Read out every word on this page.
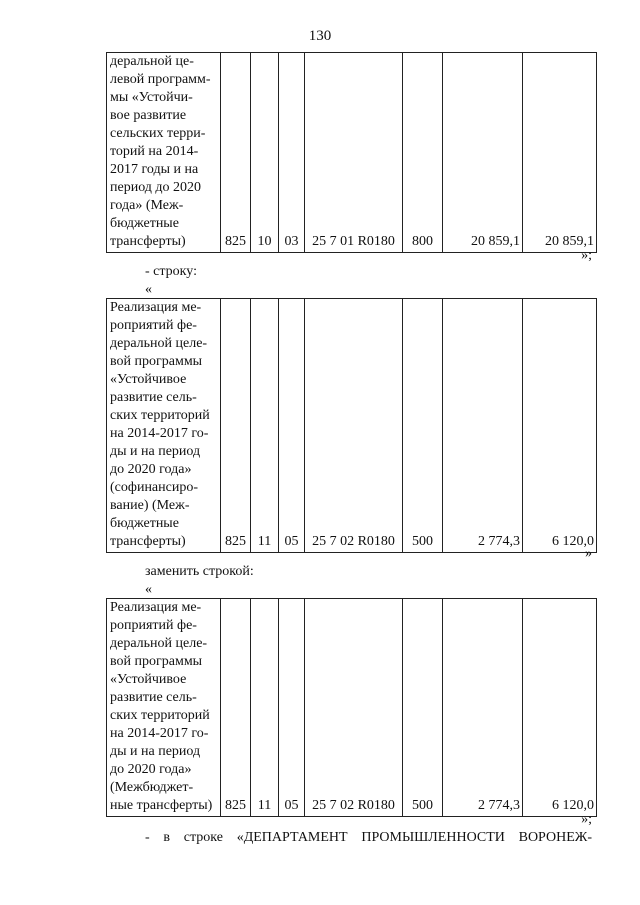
130
деральной це-
левой программ-
мы «Устойчи-
вое развитие
сельских терри-
торий на 2014-
2017 годы и на
период до 2020
года» (Меж-
бюджетные
трансферты)	825	10	03	25 7 01 R0180	800	20 859,1	20 859,1
»;
- строку:
«
Реализация ме-
роприятий фе-
деральной целе-
вой программы
«Устойчивое
развитие сель-
ских территорий
на 2014-2017 го-
ды и на период
до 2020 года»
(софинансиро-
вание) (Меж-
бюджетные
трансферты)	825	11	05	25 7 02 R0180	500	2 774,3	6 120,0
»
заменить строкой:
«
Реализация ме-
роприятий фе-
деральной целе-
вой программы
«Устойчивое
развитие сель-
ских территорий
на 2014-2017 го-
ды и на период
до 2020 года»
(Межбюджет-
ные трансферты)	825	11	05	25 7 02 R0180	500	2 774,3	6 120,0
»;
- в строке «ДЕПАРТАМЕНТ ПРОМЫШЛЕННОСТИ ВОРОНЕЖ-
